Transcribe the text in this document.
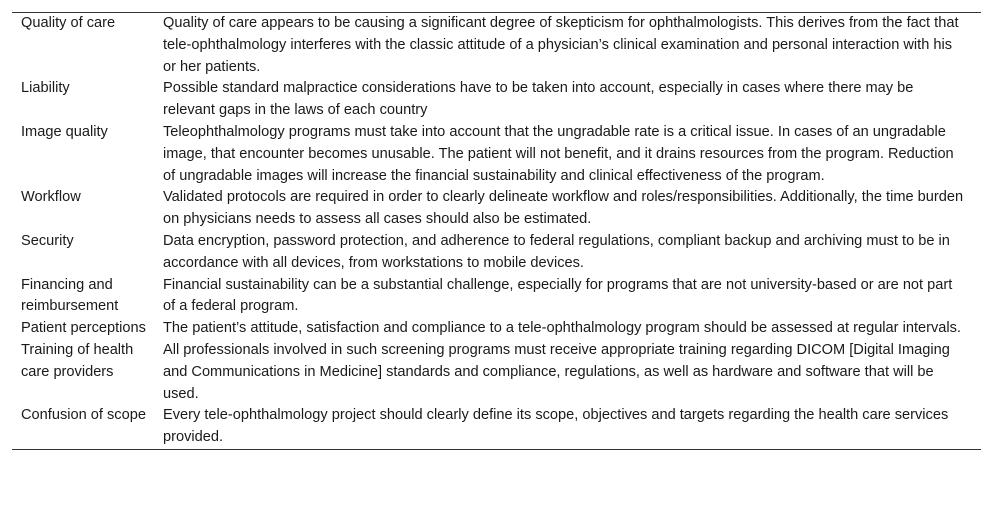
Quality of care	Quality of care appears to be causing a significant degree of skepticism for ophthalmologists. This derives from the fact that tele-ophthalmology interferes with the classic attitude of a physician’s clinical examination and personal interaction with his or her patients.
Liability	Possible standard malpractice considerations have to be taken into account, especially in cases where there may be relevant gaps in the laws of each country
Image quality	Teleophthalmology programs must take into account that the ungradable rate is a critical issue. In cases of an ungradable image, that encounter becomes unusable. The patient will not benefit, and it drains resources from the program. Reduction of ungradable images will increase the financial sustainability and clinical effectiveness of the program.
Workflow	Validated protocols are required in order to clearly delineate workflow and roles/responsibilities. Additionally, the time burden on physicians needs to assess all cases should also be estimated.
Security	Data encryption, password protection, and adherence to federal regulations, compliant backup and archiving must to be in accordance with all devices, from workstations to mobile devices.
Financing and reimbursement	Financial sustainability can be a substantial challenge, especially for programs that are not university-based or are not part of a federal program.
Patient perceptions	The patient’s attitude, satisfaction and compliance to a tele-ophthalmology program should be assessed at regular intervals.
Training of health care providers	All professionals involved in such screening programs must receive appropriate training regarding DICOM [Digital Imaging and Communications in Medicine] standards and compliance, regulations, as well as hardware and software that will be used.
Confusion of scope	Every tele-ophthalmology project should clearly define its scope, objectives and targets regarding the health care services provided.
